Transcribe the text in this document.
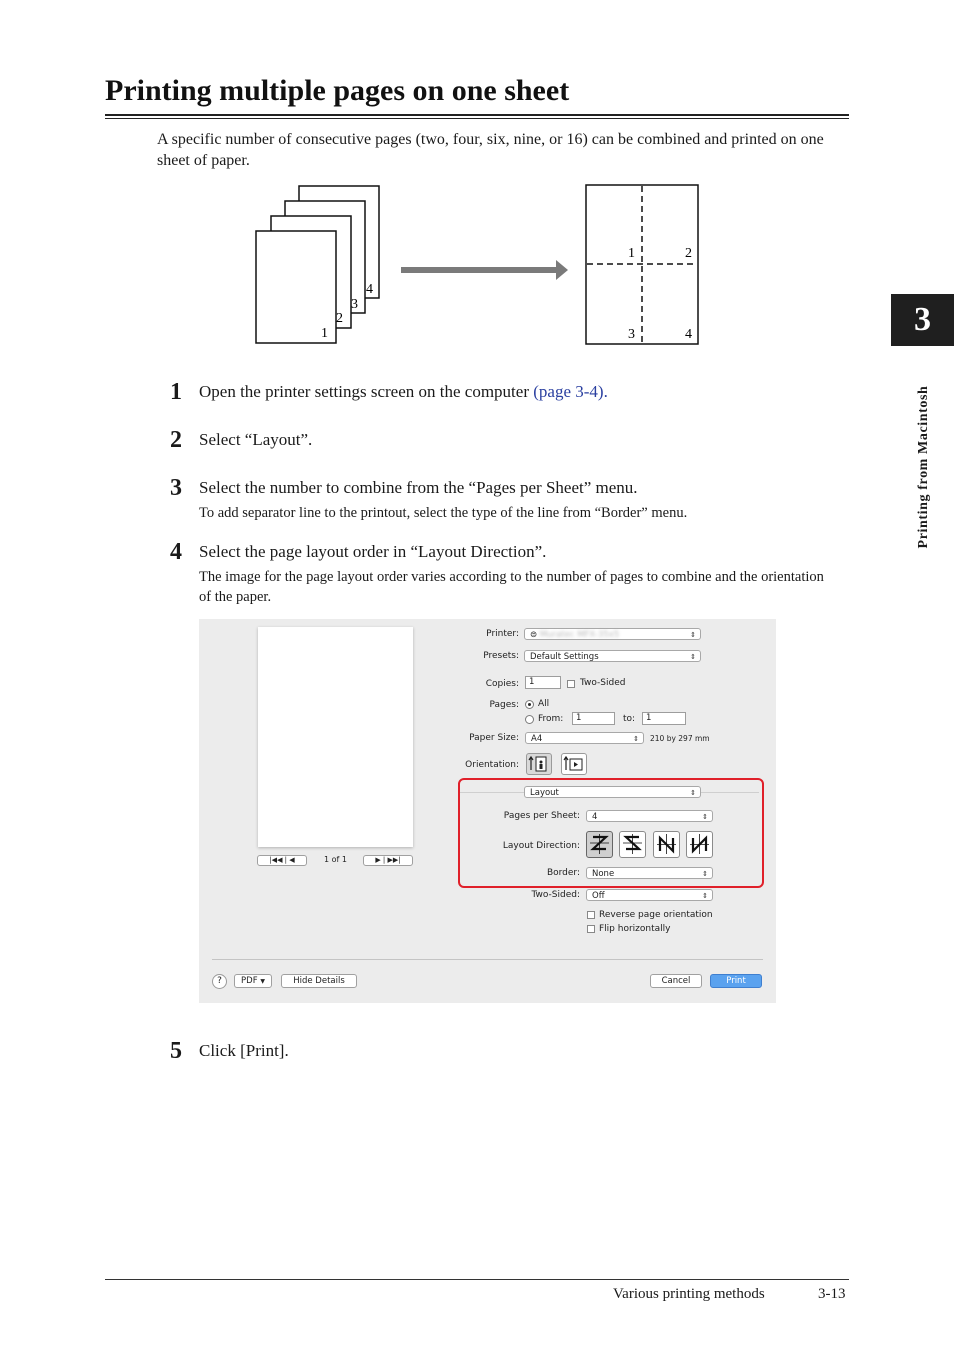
Printing multiple pages on one sheet
A specific number of consecutive pages (two, four, six, nine, or 16) can be combined and printed on one sheet of paper.
3
Printing from Macintosh
4
3
2
1
1	2
3	4
1 Open the printer settings screen on the computer (page 3-4).
2 Select “Layout”.
3 Select the number to combine from the “Pages per Sheet” menu.
To add separator line to the printout, select the type of the line from “Border” menu.
4 Select the page layout order in “Layout Direction”.
The image for the page layout order varies according to the number of pages to combine and the orientation of the paper.
|◀◀ | ◀	1 of 1	▶ | ▶▶|
Printer:	⊜ Muratec MFX-35x5	⇕
Presets:	Default Settings	⇕
Copies:	1	Two-Sided
Pages: All
From:	1	to:	1
Paper Size:	A4	⇕ 210 by 297 mm
Orientation:
Layout	⇕
Pages per Sheet:	4	⇕
Layout Direction:
Border:	None	⇕
Two-Sided:	Off	⇕
Reverse page orientation
Flip horizontally
?	PDF ▼	Hide Details	Cancel	Print
5 Click [Print].
Various printing methods	3-13
